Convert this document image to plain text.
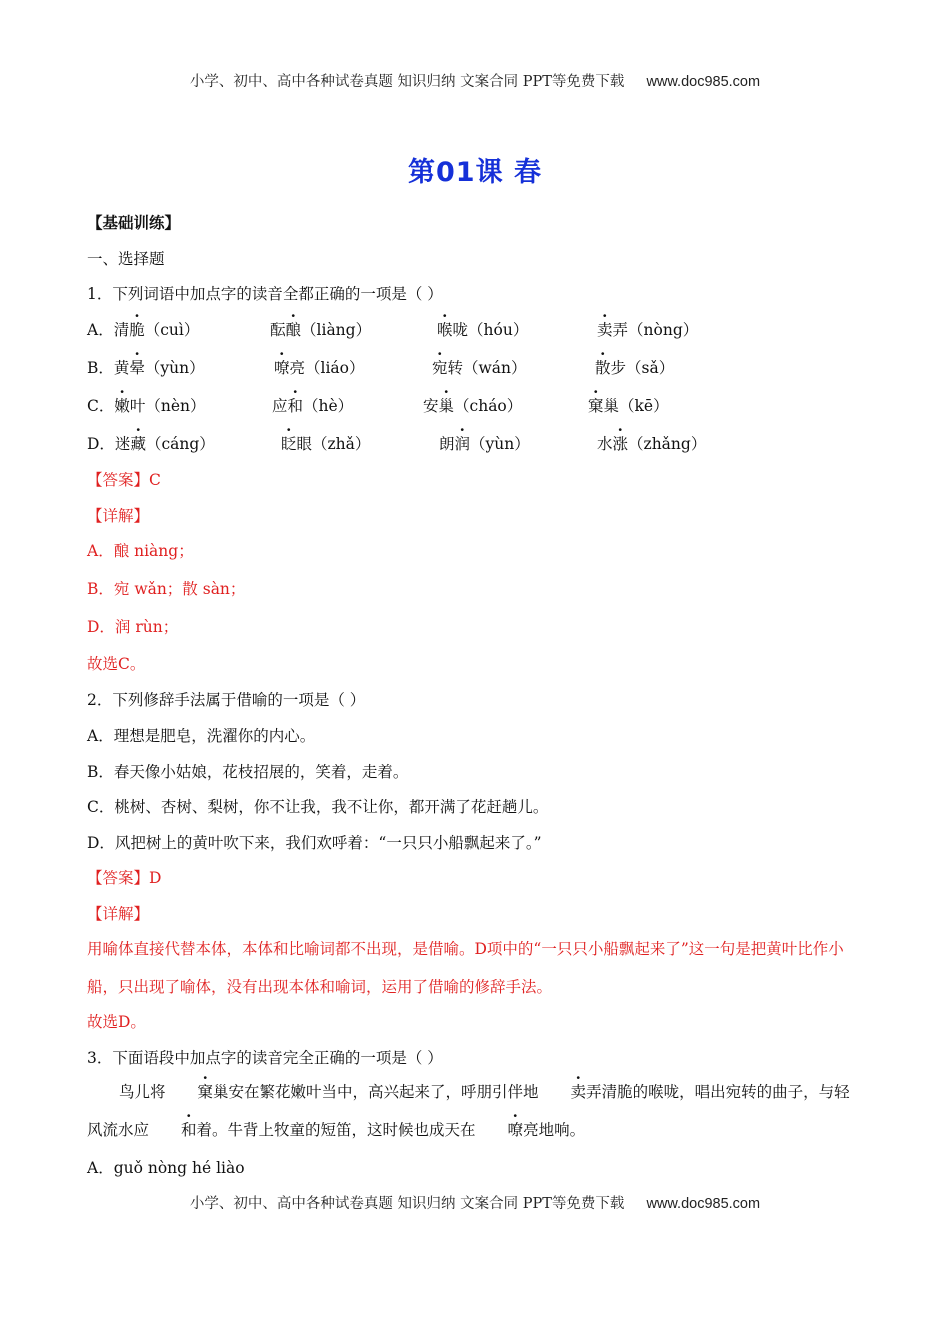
小学、初中、高中各种试卷真题 知识归纳 文案合同 PPT等免费下载 www.doc985.com
第01课 春
【基础训练】
一、选择题
1．下列词语中加点字的读音全都正确的一项是（ ）
A．清脆（cuì）	酝酿（liàng）	喉咙（hóu）	卖弄（nòng）
B．黄晕（yùn）	嘹亮（liáo）	宛转（wán）	散步（sǎ）
C．嫩叶（nèn）	应和（hè）	安巢（cháo）	窠巢（kē）
D．迷藏（cáng）	眨眼（zhǎ）	朗润（yùn）	水涨（zhǎng）
【答案】C
【详解】
A．酿 niàng；
B．宛 wǎn；散 sàn；
D．润 rùn；
故选C。
2．下列修辞手法属于借喻的一项是（ ）
A．理想是肥皂，洗濯你的内心。
B．春天像小姑娘，花枝招展的，笑着，走着。
C．桃树、杏树、梨树，你不让我，我不让你，都开满了花赶趟儿。
D．风把树上的黄叶吹下来，我们欢呼着：“一只只小船飘起来了。”
【答案】D
【详解】
用喻体直接代替本体，本体和比喻词都不出现，是借喻。D项中的“一只只小船飘起来了”这一句是把黄叶比作小船，只出现了喻体，没有出现本体和喻词，运用了借喻的修辞手法。
故选D。
3．下面语段中加点字的读音完全正确的一项是（ ）
鸟儿将 窠巢安在繁花嫩叶当中，高兴起来了，呼朋引伴地 卖弄清脆的喉咙，唱出宛转的曲子，与轻风流水应 和着。牛背上牧童的短笛，这时候也成天在 嘹亮地响。
A．guǒ nòng hé liào
小学、初中、高中各种试卷真题 知识归纳 文案合同 PPT等免费下载 www.doc985.com
